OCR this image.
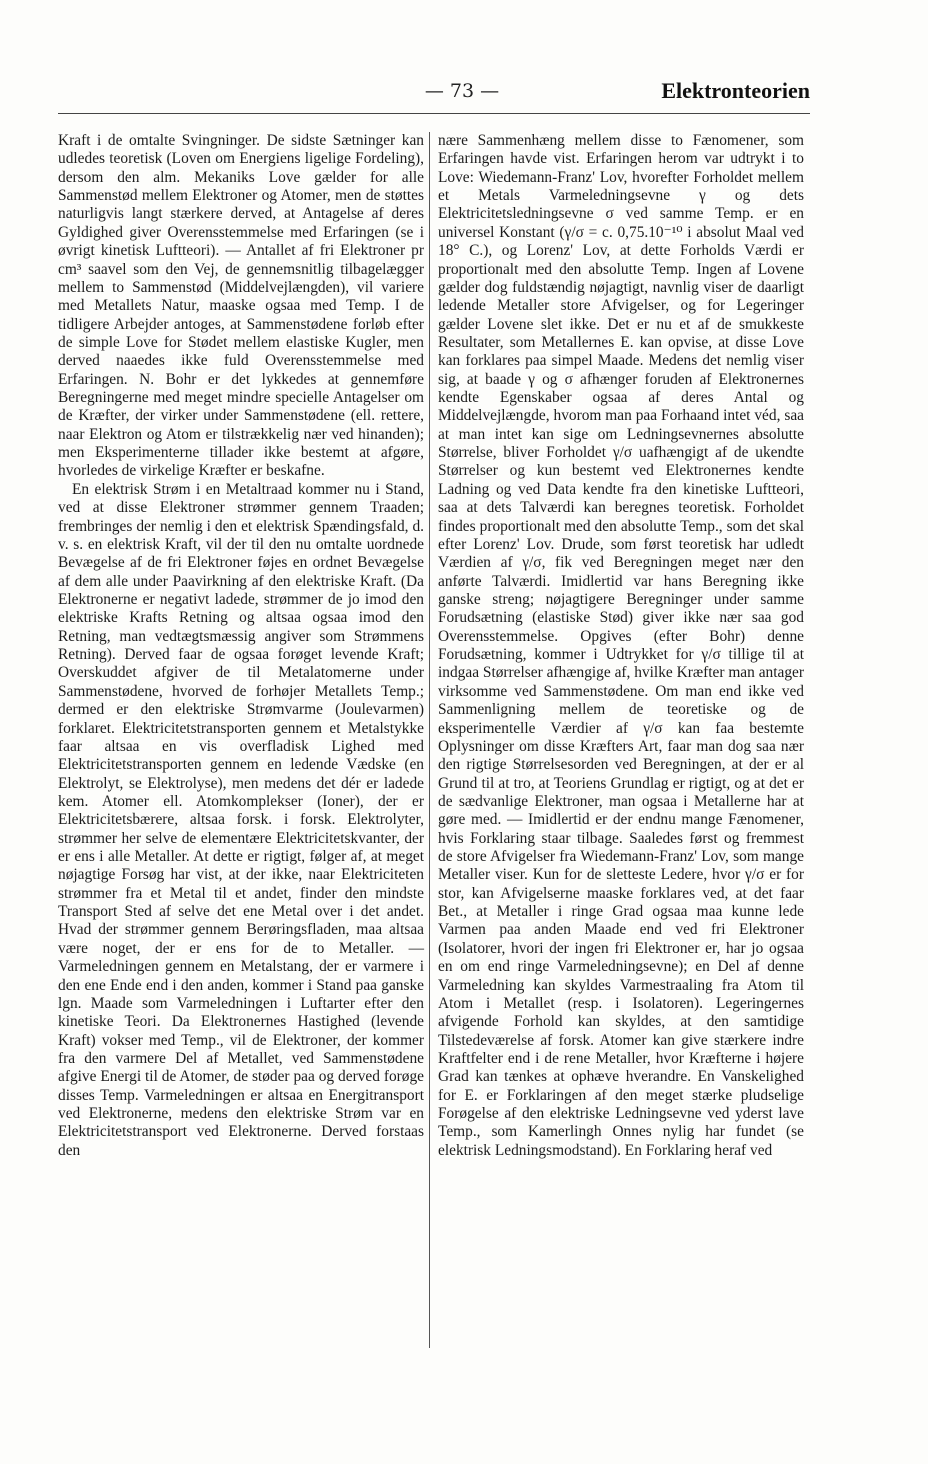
— 73 —	Elektronteorien

Kraft i de omtalte Svingninger. De sidste Sætninger kan udledes teoretisk (Loven om Energiens ligelige Fordeling), dersom den alm. Mekaniks Love gælder for alle Sammenstød mellem Elektroner og Atomer, men de støttes naturligvis langt stærkere derved, at Antagelse af deres Gyldighed giver Overensstemmelse med Erfaringen (se i øvrigt kinetisk Luftteori). — Antallet af fri Elektroner pr cm³ saavel som den Vej, de gennemsnitlig tilbagelægger mellem to Sammenstød (Middelvejlængden), vil variere med Metallets Natur, maaske ogsaa med Temp. I de tidligere Arbejder antoges, at Sammenstødene forløb efter de simple Love for Stødet mellem elastiske Kugler, men derved naaedes ikke fuld Overensstemmelse med Erfaringen. N. Bohr er det lykkedes at gennemføre Beregningerne med meget mindre specielle Antagelser om de Kræfter, der virker under Sammenstødene (ell. rettere, naar Elektron og Atom er tilstrækkelig nær ved hinanden); men Eksperimenterne tillader ikke bestemt at afgøre, hvorledes de virkelige Kræfter er beskafne.

En elektrisk Strøm i en Metaltraad kommer nu i Stand, ved at disse Elektroner strømmer gennem Traaden; frembringes der nemlig i den et elektrisk Spændingsfald, d. v. s. en elektrisk Kraft, vil der til den nu omtalte uordnede Bevægelse af de fri Elektroner føjes en ordnet Bevægelse af dem alle under Paavirkning af den elektriske Kraft. (Da Elektronerne er negativt ladede, strømmer de jo imod den elektriske Krafts Retning og altsaa ogsaa imod den Retning, man vedtægtsmæssig angiver som Strømmens Retning). Derved faar de ogsaa forøget levende Kraft; Overskuddet afgiver de til Metalatomerne under Sammenstødene, hvorved de forhøjer Metallets Temp.; dermed er den elektriske Strømvarme (Joulevarmen) forklaret. Elektricitetstransporten gennem et Metalstykke faar altsaa en vis overfladisk Lighed med Elektricitetstransporten gennem en ledende Vædske (en Elektrolyt, se Elektrolyse), men medens det dér er ladede kem. Atomer ell. Atomkomplekser (Ioner), der er Elektricitetsbærere, altsaa forsk. i forsk. Elektrolyter, strømmer her selve de elementære Elektricitetskvanter, der er ens i alle Metaller. At dette er rigtigt, følger af, at meget nøjagtige Forsøg har vist, at der ikke, naar Elektriciteten strømmer fra et Metal til et andet, finder den mindste Transport Sted af selve det ene Metal over i det andet. Hvad der strømmer gennem Berøringsfladen, maa altsaa være noget, der er ens for de to Metaller. — Varmeledningen gennem en Metalstang, der er varmere i den ene Ende end i den anden, kommer i Stand paa ganske lgn. Maade som Varmeledningen i Luftarter efter den kinetiske Teori. Da Elektronernes Hastighed (levende Kraft) vokser med Temp., vil de Elektroner, der kommer fra den varmere Del af Metallet, ved Sammenstødene afgive Energi til de Atomer, de støder paa og derved forøge disses Temp. Varmeledningen er altsaa en Energitransport ved Elektronerne, medens den elektriske Strøm var en Elektricitetstransport ved Elektronerne. Derved forstaas den

nære Sammenhæng mellem disse to Fænomener, som Erfaringen havde vist. Erfaringen herom var udtrykt i to Love: Wiedemann-Franz' Lov, hvorefter Forholdet mellem et Metals Varmeledningsevne γ og dets Elektricitetsledningsevne σ ved samme Temp. er en universel Konstant (γ/σ = c. 0,75.10⁻¹⁰ i absolut Maal ved 18° C.), og Lorenz' Lov, at dette Forholds Værdi er proportionalt med den absolutte Temp. Ingen af Lovene gælder dog fuldstændig nøjagtigt, navnlig viser de daarligt ledende Metaller store Afvigelser, og for Legeringer gælder Lovene slet ikke. Det er nu et af de smukkeste Resultater, som Metallernes E. kan opvise, at disse Love kan forklares paa simpel Maade. Medens det nemlig viser sig, at baade γ og σ afhænger foruden af Elektronernes kendte Egenskaber ogsaa af deres Antal og Middelvejlængde, hvorom man paa Forhaand intet véd, saa at man intet kan sige om Ledningsevnernes absolutte Størrelse, bliver Forholdet γ/σ uafhængigt af de ukendte Størrelser og kun bestemt ved Elektronernes kendte Ladning og ved Data kendte fra den kinetiske Luftteori, saa at dets Talværdi kan beregnes teoretisk. Forholdet findes proportionalt med den absolutte Temp., som det skal efter Lorenz' Lov. Drude, som først teoretisk har udledt Værdien af γ/σ, fik ved Beregningen meget nær den anførte Talværdi. Imidlertid var hans Beregning ikke ganske streng; nøjagtigere Beregninger under samme Forudsætning (elastiske Stød) giver ikke nær saa god Overensstemmelse. Opgives (efter Bohr) denne Forudsætning, kommer i Udtrykket for γ/σ tillige til at indgaa Størrelser afhængige af, hvilke Kræfter man antager virksomme ved Sammenstødene. Om man end ikke ved Sammenligning mellem de teoretiske og de eksperimentelle Værdier af γ/σ kan faa bestemte Oplysninger om disse Kræfters Art, faar man dog saa nær den rigtige Størrelsesorden ved Beregningen, at der er al Grund til at tro, at Teoriens Grundlag er rigtigt, og at det er de sædvanlige Elektroner, man ogsaa i Metallerne har at gøre med. — Imidlertid er der endnu mange Fænomener, hvis Forklaring staar tilbage. Saaledes først og fremmest de store Afvigelser fra Wiedemann-Franz' Lov, som mange Metaller viser. Kun for de sletteste Ledere, hvor γ/σ er for stor, kan Afvigelserne maaske forklares ved, at det faar Bet., at Metaller i ringe Grad ogsaa maa kunne lede Varmen paa anden Maade end ved fri Elektroner (Isolatorer, hvori der ingen fri Elektroner er, har jo ogsaa en om end ringe Varmeledningsevne); en Del af denne Varmeledning kan skyldes Varmestraaling fra Atom til Atom i Metallet (resp. i Isolatoren). Legeringernes afvigende Forhold kan skyldes, at den samtidige Tilstedeværelse af forsk. Atomer kan give stærkere indre Kraftfelter end i de rene Metaller, hvor Kræfterne i højere Grad kan tænkes at ophæve hverandre. En Vanskelighed for E. er Forklaringen af den meget stærke pludselige Forøgelse af den elektriske Ledningsevne ved yderst lave Temp., som Kamerlingh Onnes nylig har fundet (se elektrisk Ledningsmodstand). En Forklaring heraf ved
